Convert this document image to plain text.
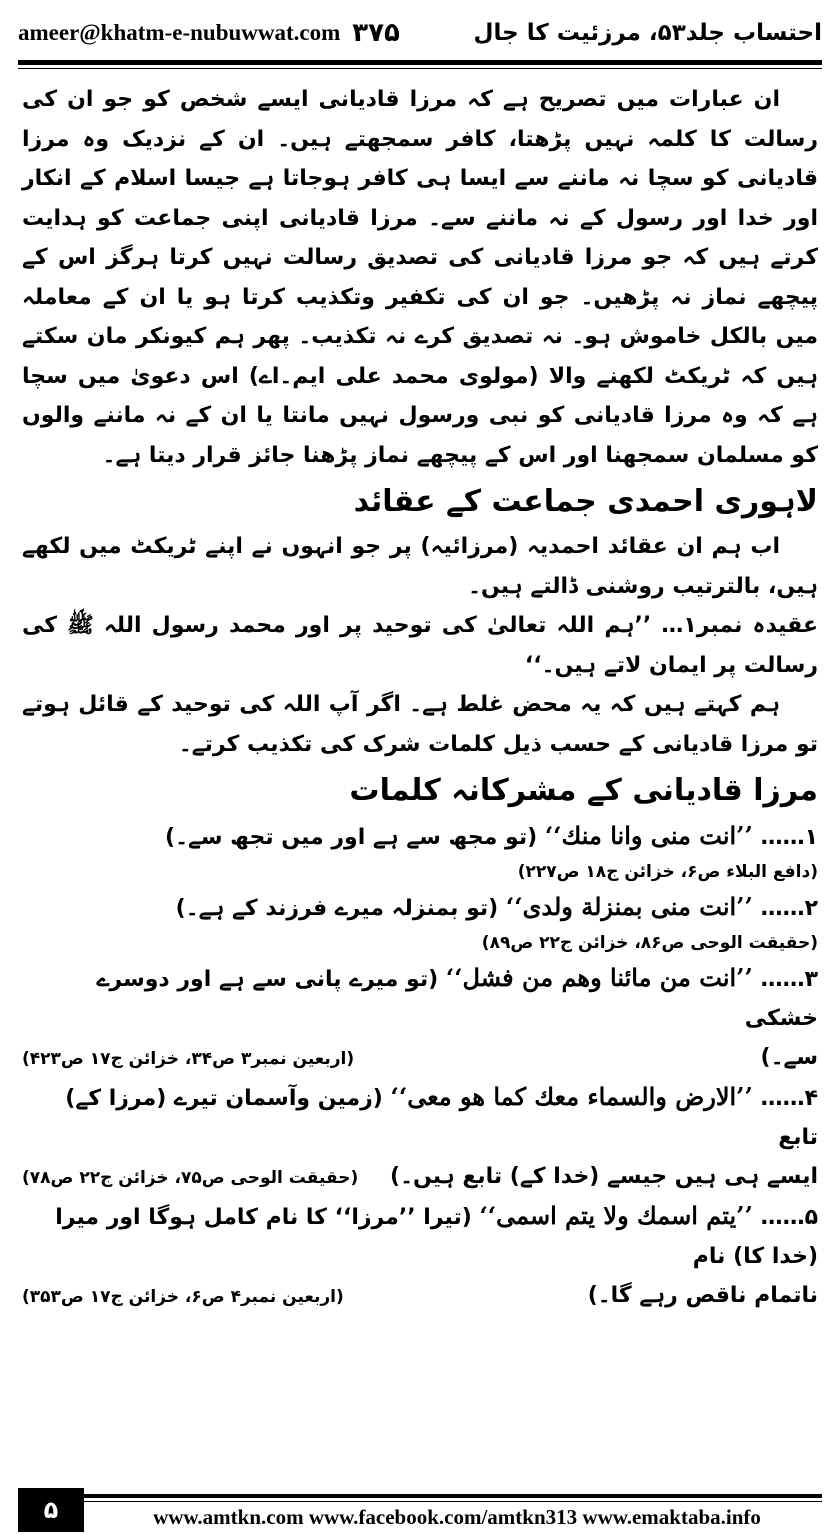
ameer@khatm-e-nubuwwat.com ۳۷۵	احتساب جلد۵۳، مرزئیت کا جال

ان عبارات میں تصریح ہے کہ مرزا قادیانی ایسے شخص کو جو ان کی رسالت کا کلمہ نہیں پڑھتا، کافر سمجھتے ہیں۔ ان کے نزدیک وہ مرزا قادیانی کو سچا نہ ماننے سے ایسا ہی کافر ہوجاتا ہے جیسا اسلام کے انکار اور خدا اور رسول کے نہ ماننے سے۔ مرزا قادیانی اپنی جماعت کو ہدایت کرتے ہیں کہ جو مرزا قادیانی کی تصدیق رسالت نہیں کرتا ہرگز اس کے پیچھے نماز نہ پڑھیں۔ جو ان کی تکفیر وتکذیب کرتا ہو یا ان کے معاملہ میں بالکل خاموش ہو۔ نہ تصدیق کرے نہ تکذیب۔ پھر ہم کیونکر مان سکتے ہیں کہ ٹریکٹ لکھنے والا (مولوی محمد علی ایم۔اے) اس دعویٰ میں سچا ہے کہ وہ مرزا قادیانی کو نبی ورسول نہیں مانتا یا ان کے نہ ماننے والوں کو مسلمان سمجھنا اور اس کے پیچھے نماز پڑھنا جائز قرار دیتا ہے۔

لاہوری احمدی جماعت کے عقائد

اب ہم ان عقائد احمدیہ (مرزائیہ) پر جو انہوں نے اپنے ٹریکٹ میں لکھے ہیں، بالترتیب روشنی ڈالتے ہیں۔

عقیدہ نمبر۱… ’’ہم اللہ تعالیٰ کی توحید پر اور محمد رسول اللہ ﷺ کی رسالت پر ایمان لاتے ہیں۔‘‘

ہم کہتے ہیں کہ یہ محض غلط ہے۔ اگر آپ اللہ کی توحید کے قائل ہوتے تو مرزا قادیانی کے حسب ذیل کلمات شرک کی تکذیب کرتے۔

مرزا قادیانی کے مشرکانہ کلمات
۱…… ’’انت منی وانا منك‘‘ (تو مجھ سے ہے اور میں تجھ سے۔)
(دافع البلاء ص۶، خزائن ج۱۸ ص۲۲۷)
۲…… ’’انت منی بمنزلة ولدی‘‘ (تو بمنزلہ میرے فرزند کے ہے۔)
(حقیقت الوحی ص۸۶، خزائن ج۲۲ ص۸۹)
۳…… ’’انت من مائنا وهم من فشل‘‘ (تو میرے پانی سے ہے اور دوسرے خشکی
سے۔)
(اربعین نمبر۳ ص۳۴، خزائن ج۱۷ ص۴۲۳)
۴…… ’’الارض والسماء معك كما هو معی‘‘ (زمین وآسمان تیرے (مرزا کے) تابع
ایسے ہی ہیں جیسے (خدا کے) تابع ہیں۔)
(حقیقت الوحی ص۷۵، خزائن ج۲۲ ص۷۸)
۵…… ’’یتم اسمك ولا یتم اسمی‘‘ (تیرا ’’مرزا‘‘ کا نام کامل ہوگا اور میرا (خدا کا) نام
ناتمام ناقص رہے گا۔)
(اربعین نمبر۴ ص۶، خزائن ج۱۷ ص۳۵۳)
۵	www.amtkn.com www.facebook.com/amtkn313 www.emaktaba.info
